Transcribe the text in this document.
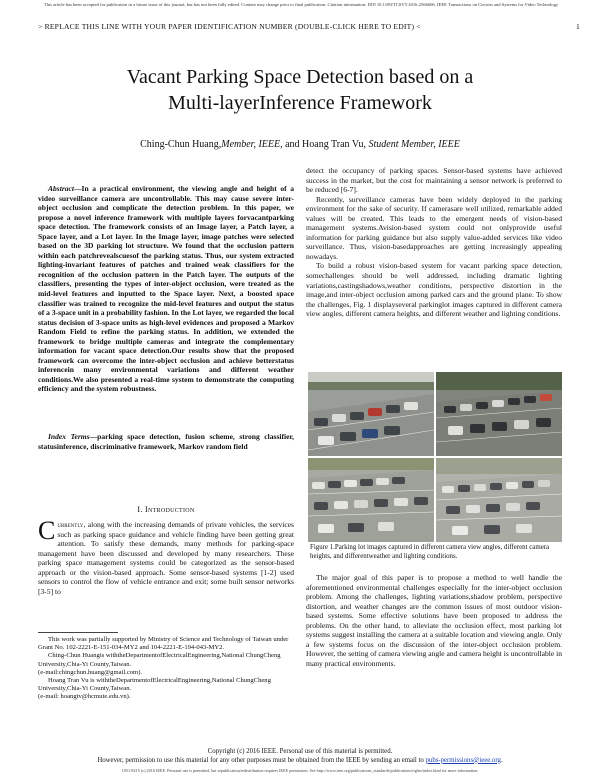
This article has been accepted for publication in a future issue of this journal, but has not been fully edited. Content may change prior to final publication. Citation information: DOI 10.1109/TCSVT.2016.2566606, IEEE Transactions on Circuits and Systems for Video Technology
> REPLACE THIS LINE WITH YOUR PAPER IDENTIFICATION NUMBER (DOUBLE-CLICK HERE TO EDIT) <	1
Vacant Parking Space Detection based on a
Multi-layerInference Framework
Ching-Chun Huang,Member, IEEE, and Hoang Tran Vu, Student Member, IEEE

Abstract—In a practical environment, the viewing angle and height of a video surveillance camera are uncontrollable. This may cause severe inter-object occlusion and complicate the detection problem. In this paper, we propose a novel inference framework with multiple layers forvacantparking space detection. The framework consists of an Image layer, a Patch layer, a Space layer, and a Lot layer. In the Image layer, image patches were selected based on the 3D parking lot structure. We found that the occlusion pattern within each patchrevealscuesof the parking status. Thus, our system extracted lighting-invariant features of patches and trained weak classifiers for the recognition of the occlusion pattern in the Patch layer. The outputs of the classifiers, presenting the types of inter-object occlusion, were treated as the mid-level features and inputted to the Space layer. Next, a boosted space classifier was trained to recognize the mid-level features and output the status of a 3-space unit in a probability fashion. In the Lot layer, we regarded the local status decision of 3-space units as high-level evidences and proposed a Markov Random Field to refine the parking status. In addition, we extended the framework to bridge multiple cameras and integrate the complementary information for vacant space detection.Our results show that the proposed framework can overcome the inter-object occlusion and achieve betterstatus inferencein many environmental variations and different weather conditions.We also presented a real-time system to demonstrate the computing efficiency and the system robustness.

Index Terms—parking space detection, fusion scheme, strong classifier, statusinference, discriminative framework, Markov random field

I. Introduction
Currently, along with the increasing demands of private vehicles, the services such as parking space guidance and vehicle finding have been getting great attention. To satisfy these demands, many methods for parking-space management have been discussed and developed by many researchers. These parking space management systems could be categorized as the sensor-based approach or the vision-based approach. Some sensor-based systems [1-2] used sensors to control the flow of vehicle entrance and exit; some built sensor networks [3-5] to
This work was partially supported by Ministry of Science and Technology of Taiwan under Grant No. 102-2221-E-151-034-MY2 and 104-2221-E-194-043-MY2.
Ching-Chun Huangis withtheDepartmentofElectricalEngineering,National ChungCheng University,Chia-Yi County,Taiwan.
(e-mail:chingchun.huang@gmail.com).
Hoang Tran Vu is withtheDepartmentofElectricalEngineering,National ChungCheng University,Chia-Yi County,Taiwan.
(e-mail: hoangtv@hcmute.edu.vn).
detect the occupancy of parking spaces. Sensor-based systems have achieved success in the market, but the cost for maintaining a sensor network is preferred to be reduced [6-7].

Recently, surveillance cameras have been widely deployed in the parking environment for the sake of security. If camerasare well utilized, remarkable added values will be created. This leads to the emergent needs of vision-based management systems.Avision-based system could not onlyprovide useful information for parking guidance but also supply value-added services like video surveillance. Thus, vision-basedapproaches are getting increasingly appealing nowadays.

To build a robust vision-based system for vacant parking space detection, somechallenges should be well addressed, including dramatic lighting variations,castingshadows,weather conditions, perspective distortion in the image,and inter-object occlusion among parked cars and the ground plane. To show the challenges, Fig. 1 displayseveral parkinglot images captured in different camera view angles, different camera heights, and different weather and lighting conditions.

Figure 1.Parking lot images captured in different camera view angles, different camera heights, and differentweather and lighting conditions.

The major goal of this paper is to propose a method to well handle the aforementioned environmental challenges especially for the inter-object occlusion problem. Among the challenges, lighting variations,shadow problem, perspective distortion, and weather changes are the common issues of most outdoor vision-based systems. Some effective solutions have been proposed to address the problems. On the other hand, to alleviate the occlusion effect, most parking lot systems suggest installing the camera at a suitable location and viewing angle. Only a few systems focus on the discussion of the inter-object occlusion problem. However, the setting of camera viewing angle and camera height is uncontrollable in many practical environments.

Copyright (c) 2016 IEEE. Personal use of this material is permitted.
However, permission to use this material for any other purposes must be obtained from the IEEE by sending an email to pubs-permissions@ieee.org.
1051-8215 (c) 2016 IEEE. Personal use is permitted, but republication/redistribution requires IEEE permission. See http://www.ieee.org/publications_standards/publications/rights/index.html for more information.
